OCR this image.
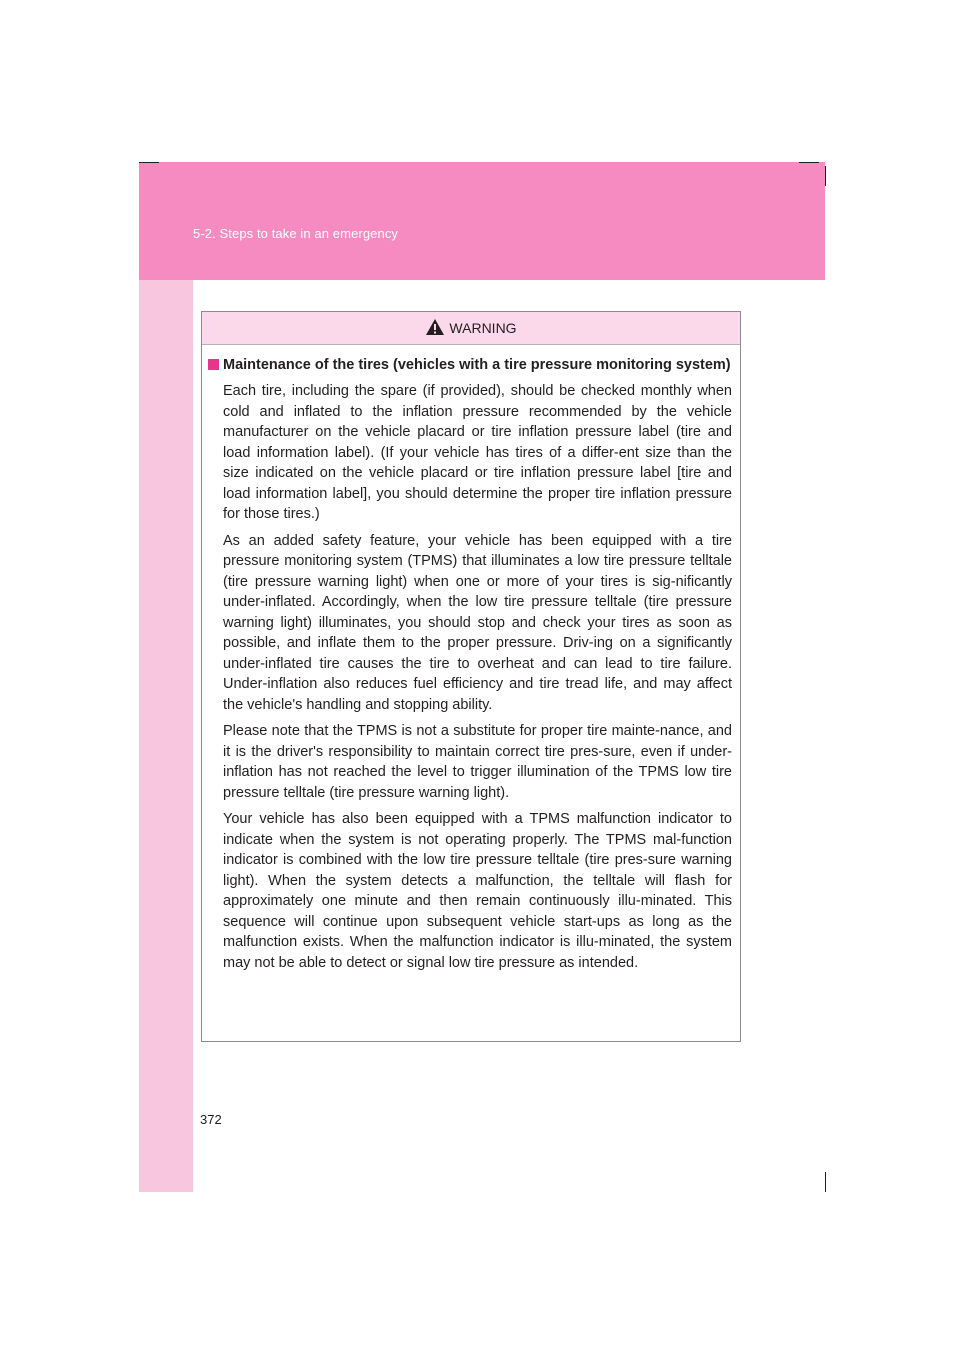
5-2. Steps to take in an emergency
WARNING
Maintenance of the tires (vehicles with a tire pressure monitoring system)

Each tire, including the spare (if provided), should be checked monthly when cold and inflated to the inflation pressure recommended by the vehicle manufacturer on the vehicle placard or tire inflation pressure label (tire and load information label). (If your vehicle has tires of a differ-ent size than the size indicated on the vehicle placard or tire inflation pressure label [tire and load information label], you should determine the proper tire inflation pressure for those tires.)

As an added safety feature, your vehicle has been equipped with a tire pressure monitoring system (TPMS) that illuminates a low tire pressure telltale (tire pressure warning light) when one or more of your tires is sig-nificantly under-inflated. Accordingly, when the low tire pressure telltale (tire pressure warning light) illuminates, you should stop and check your tires as soon as possible, and inflate them to the proper pressure. Driv-ing on a significantly under-inflated tire causes the tire to overheat and can lead to tire failure. Under-inflation also reduces fuel efficiency and tire tread life, and may affect the vehicle's handling and stopping ability.

Please note that the TPMS is not a substitute for proper tire mainte-nance, and it is the driver's responsibility to maintain correct tire pres-sure, even if under-inflation has not reached the level to trigger illumination of the TPMS low tire pressure telltale (tire pressure warning light).

Your vehicle has also been equipped with a TPMS malfunction indicator to indicate when the system is not operating properly. The TPMS mal-function indicator is combined with the low tire pressure telltale (tire pres-sure warning light). When the system detects a malfunction, the telltale will flash for approximately one minute and then remain continuously illu-minated. This sequence will continue upon subsequent vehicle start-ups as long as the malfunction exists. When the malfunction indicator is illu-minated, the system may not be able to detect or signal low tire pressure as intended.

372
